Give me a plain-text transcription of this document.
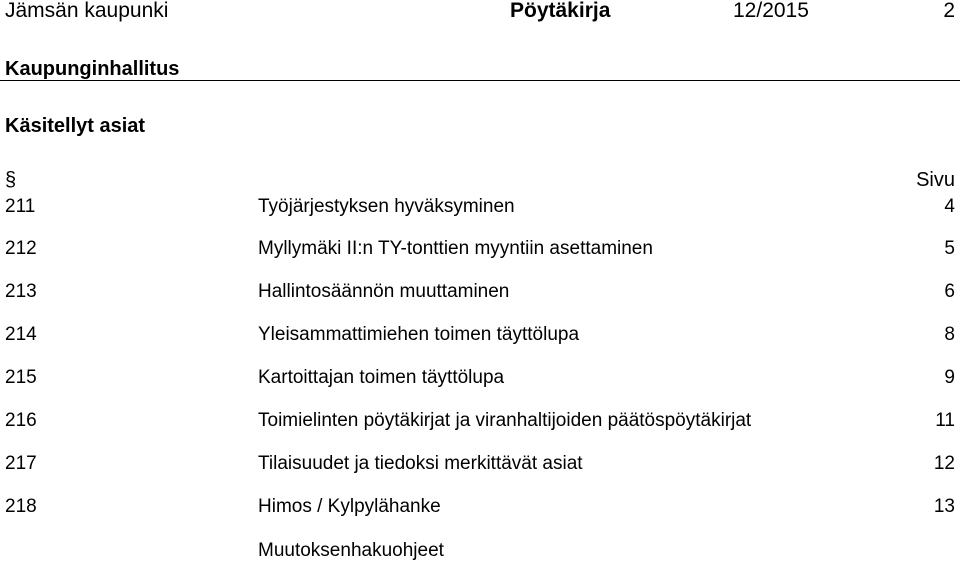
Jämsän kaupunki	Pöytäkirja	12/2015	2
Kaupunginhallitus
Käsitellyt asiat
§	Sivu
211	Työjärjestyksen hyväksyminen	4
212	Myllymäki II:n TY-tonttien myyntiin asettaminen	5
213	Hallintosäännön muuttaminen	6
214	Yleisammattimiehen toimen täyttölupa	8
215	Kartoittajan toimen täyttölupa	9
216	Toimielinten pöytäkirjat ja viranhaltijoiden päätöspöytäkirjat	11
217	Tilaisuudet ja tiedoksi merkittävät asiat	12
218	Himos / Kylpylähanke	13
Muutoksenhakuohjeet
